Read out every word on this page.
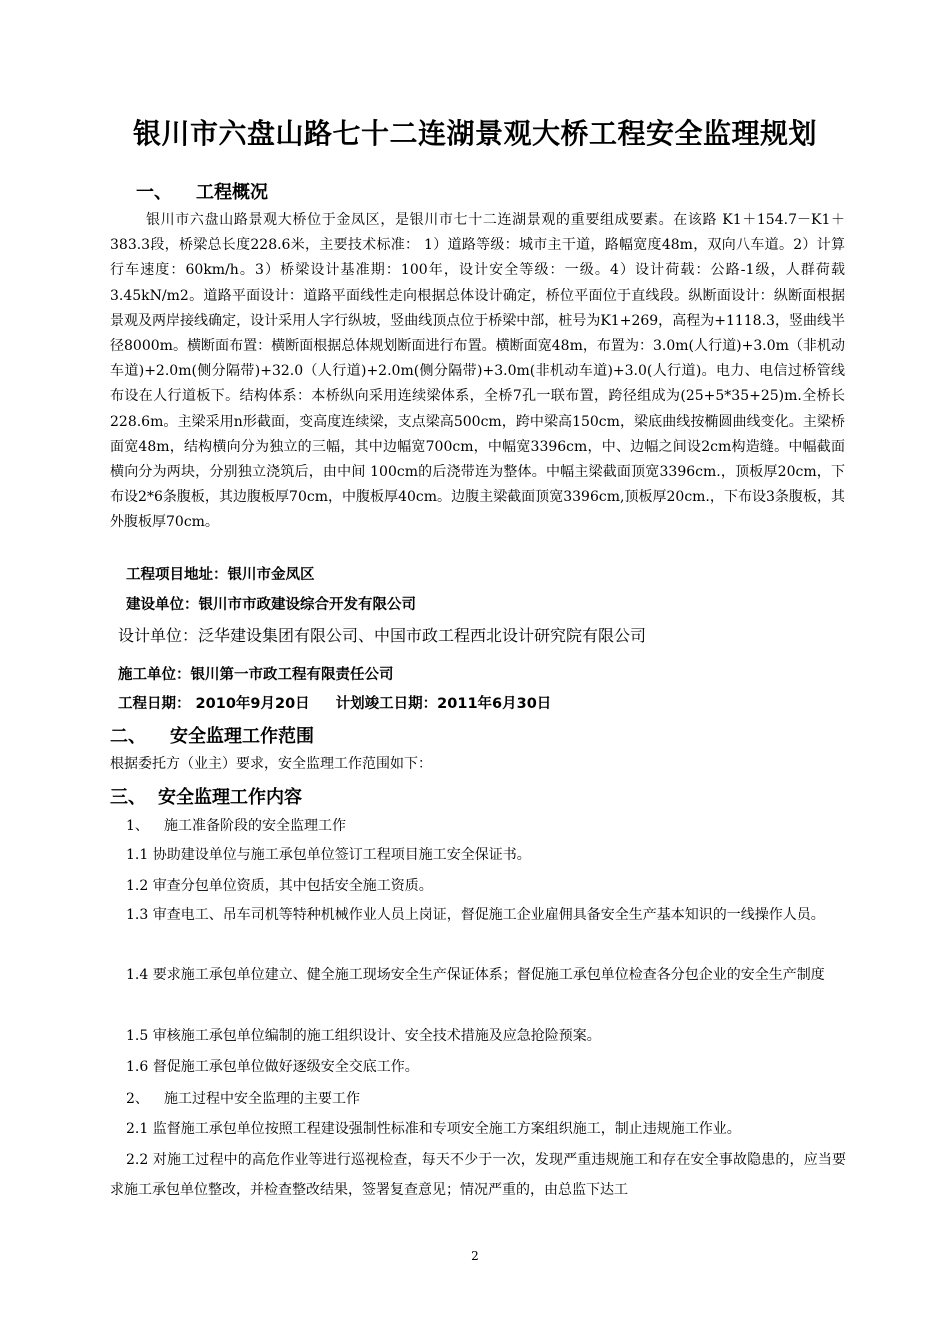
银川市六盘山路七十二连湖景观大桥工程安全监理规划
一、 工程概况
银川市六盘山路景观大桥位于金凤区，是银川市七十二连湖景观的重要组成要素。在该路 K1＋154.7－K1＋383.3段，桥梁总长度228.6米，主要技术标准： 1）道路等级：城市主干道，路幅宽度48m，双向八车道。2）计算行车速度：60km/h。3）桥梁设计基准期：100年，设计安全等级：一级。4）设计荷载：公路-1级，人群荷载3.45kN/m2。道路平面设计：道路平面线性走向根据总体设计确定，桥位平面位于直线段。纵断面设计：纵断面根据景观及两岸接线确定，设计采用人字行纵坡，竖曲线顶点位于桥梁中部，桩号为K1+269，高程为+1118.3，竖曲线半径8000m。横断面布置：横断面根据总体规划断面进行布置。横断面宽48m，布置为：3.0m(人行道)+3.0m（非机动车道)+2.0m(侧分隔带)+32.0（人行道)+2.0m(侧分隔带)+3.0m(非机动车道)+3.0(人行道)。电力、电信过桥管线布设在人行道板下。结构体系：本桥纵向采用连续梁体系，全桥7孔一联布置，跨径组成为(25+5*35+25)m.全桥长228.6m。主梁采用n形截面，变高度连续梁，支点梁高500cm，跨中梁高150cm，梁底曲线按椭圆曲线变化。主梁桥面宽48m，结构横向分为独立的三幅，其中边幅宽700cm，中幅宽3396cm，中、边幅之间设2cm构造缝。中幅截面横向分为两块，分别独立浇筑后，由中间 100cm的后浇带连为整体。中幅主梁截面顶宽3396cm.，顶板厚20cm，下布设2*6条腹板，其边腹板厚70cm，中腹板厚40cm。边腹主梁截面顶宽3396cm,顶板厚20cm.，下布设3条腹板，其外腹板厚70cm。
工程项目地址：银川市金凤区
建设单位：银川市市政建设综合开发有限公司
设计单位：泛华建设集团有限公司、中国市政工程西北设计研究院有限公司
施工单位：银川第一市政工程有限责任公司
工程日期： 2010年9月20日 计划竣工日期：2011年6月30日
二、 安全监理工作范围
根据委托方（业主）要求，安全监理工作范围如下：
三、 安全监理工作内容
1、 施工准备阶段的安全监理工作
1.1 协助建设单位与施工承包单位签订工程项目施工安全保证书。
1.2 审查分包单位资质，其中包括安全施工资质。
1.3 审查电工、吊车司机等特种机械作业人员上岗证，督促施工企业雇佣具备安全生产基本知识的一线操作人员。
1.4 要求施工承包单位建立、健全施工现场安全生产保证体系；督促施工承包单位检查各分包企业的安全生产制度
1.5 审核施工承包单位编制的施工组织设计、安全技术措施及应急抢险预案。
1.6 督促施工承包单位做好逐级安全交底工作。
2、 施工过程中安全监理的主要工作
2.1 监督施工承包单位按照工程建设强制性标准和专项安全施工方案组织施工，制止违规施工作业。
2.2 对施工过程中的高危作业等进行巡视检查，每天不少于一次，发现严重违规施工和存在安全事故隐患的，应当要求施工承包单位整改，并检查整改结果，签署复查意见；情况严重的，由总监下达工
2
